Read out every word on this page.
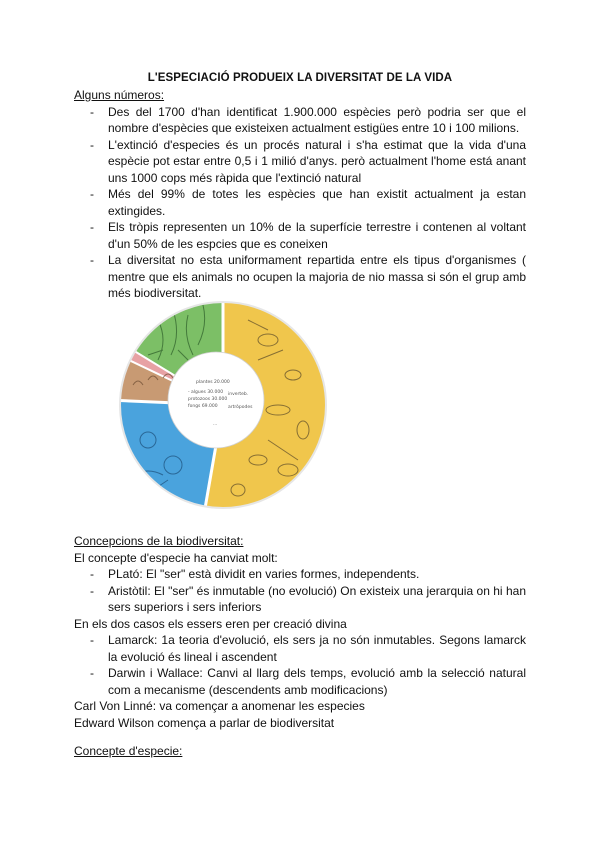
L'ESPECIACIÓ PRODUEIX LA DIVERSITAT DE LA VIDA
Alguns números:
- Des del 1700 d'han identificat 1.900.000 espècies però podria ser que el nombre d'espècies que existeixen actualment estigües entre 10 i 100 milions.
- L'extinció d'especies és un procés natural i s'ha estimat que la vida d'una espècie pot estar entre 0,5 i 1 milió d'anys. però actualment l'home está anant uns 1000 cops més ràpida que l'extinció natural
- Més del 99% de totes les espècies que han existit actualment ja estan extingides.
- Els tròpis representen un 10% de la superfície terrestre i contenen al voltant d'un 50% de les espcies que es coneixen
- La diversitat no esta uniformament repartida entre els tipus d'organismes ( mentre que els animals no ocupen la majoria de nio massa si són el grup amb més biodiversitat.
plantes 20.000
- algues 30.000
protozoos 30.000
fongs 69.000
inverteb.
artròpodes
...
Concepcions de la biodiversitat:
El concepte d'especie ha canviat molt:
- PLató: El "ser" està dividit en varies formes, independents.
- Aristòtil: El "ser" és inmutable (no evolució) On existeix una jerarquia on hi han sers superiors i sers inferiors
En els dos casos els essers eren per creació divina
- Lamarck: 1a teoria d'evolució, els sers ja no són inmutables. Segons lamarck la evolució és lineal i ascendent
- Darwin i Wallace: Canvi al llarg dels temps, evolució amb la selecció natural com a mecanisme (descendents amb modificacions)
Carl Von Linné: va començar a anomenar les especies
Edward Wilson comença a parlar de biodiversitat
Concepte d'especie:
